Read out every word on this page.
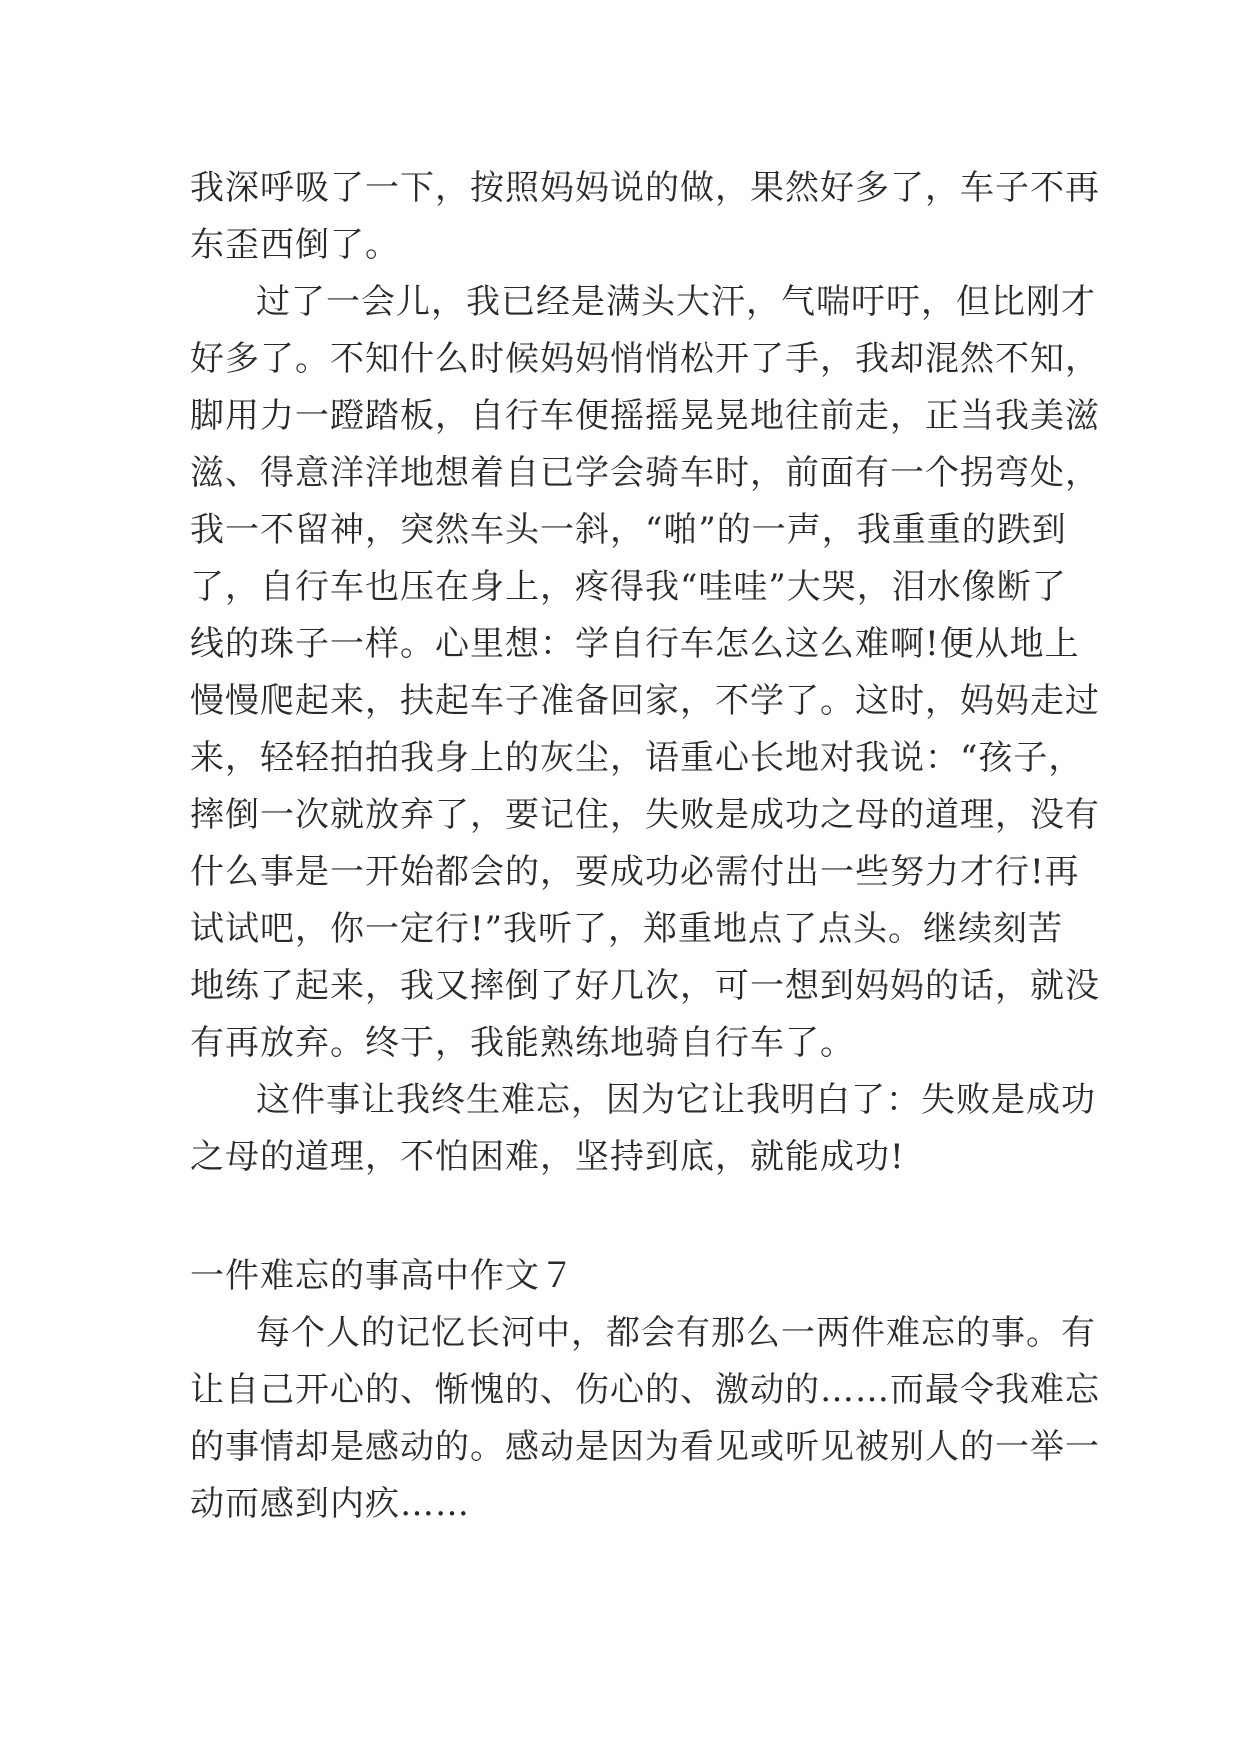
我深呼吸了一下，按照妈妈说的做，果然好多了，车子不再
东歪西倒了。
过了一会儿，我已经是满头大汗，气喘吁吁，但比刚才
好多了。不知什么时候妈妈悄悄松开了手，我却混然不知，
脚用力一蹬踏板，自行车便摇摇晃晃地往前走，正当我美滋
滋、得意洋洋地想着自已学会骑车时，前面有一个拐弯处，
我一不留神，突然车头一斜，“啪”的一声，我重重的跌到
了，自行车也压在身上，疼得我“哇哇”大哭，泪水像断了
线的珠子一样。心里想：学自行车怎么这么难啊!便从地上
慢慢爬起来，扶起车子准备回家，不学了。这时，妈妈走过
来，轻轻拍拍我身上的灰尘，语重心长地对我说：“孩子，
摔倒一次就放弃了，要记住，失败是成功之母的道理，没有
什么事是一开始都会的，要成功必需付出一些努力才行!再
试试吧，你一定行!”我听了，郑重地点了点头。继续刻苦
地练了起来，我又摔倒了好几次，可一想到妈妈的话，就没
有再放弃。终于，我能熟练地骑自行车了。
这件事让我终生难忘，因为它让我明白了：失败是成功
之母的道理，不怕困难，坚持到底，就能成功!
一件难忘的事高中作文７
每个人的记忆长河中，都会有那么一两件难忘的事。有
让自己开心的、惭愧的、伤心的、激动的……而最令我难忘
的事情却是感动的。感动是因为看见或听见被别人的一举一
动而感到内疚……
